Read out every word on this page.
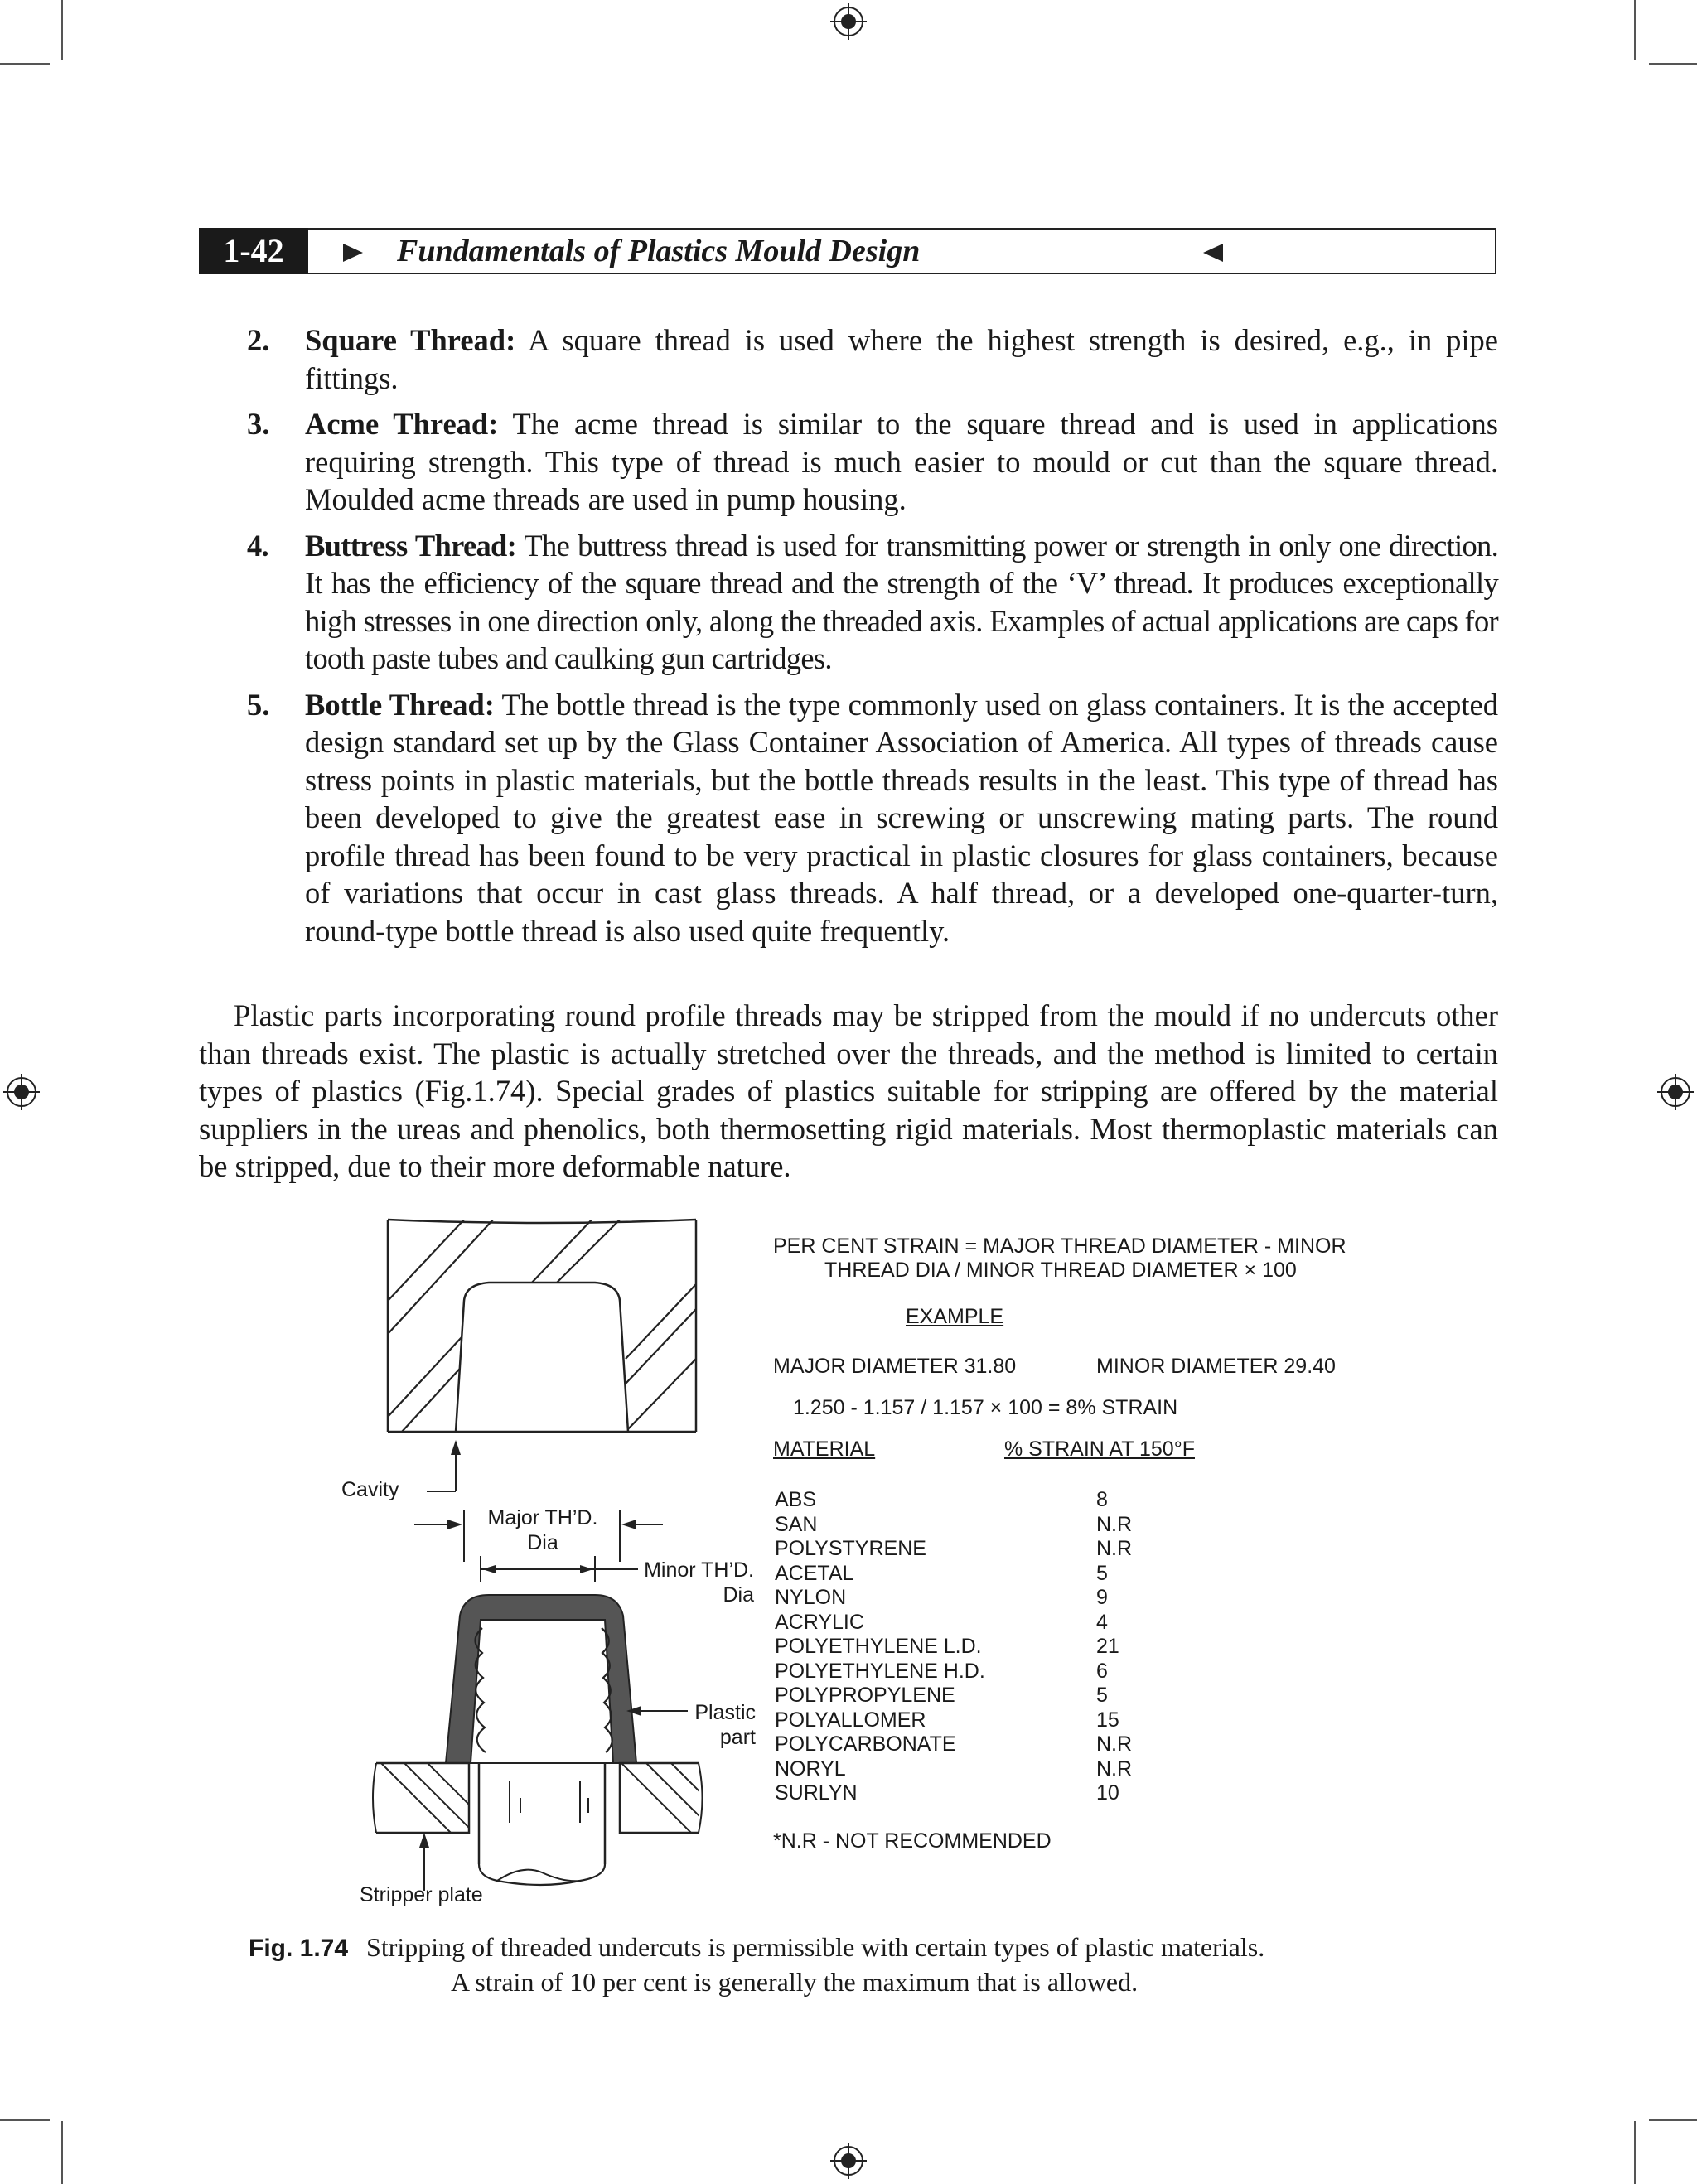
1-42	Fundamentals of Plastics Mould Design
2. Square Thread: A square thread is used where the highest strength is desired, e.g., in pipe fittings.
3. Acme Thread: The acme thread is similar to the square thread and is used in applications requiring strength. This type of thread is much easier to mould or cut than the square thread. Moulded acme threads are used in pump housing.
4. Buttress Thread: The buttress thread is used for transmitting power or strength in only one direction. It has the efficiency of the square thread and the strength of the ‘V’ thread. It produces exceptionally high stresses in one direction only, along the threaded axis. Examples of actual applications are caps for tooth paste tubes and caulking gun cartridges.
5. Bottle Thread: The bottle thread is the type commonly used on glass containers. It is the accepted design standard set up by the Glass Container Association of America. All types of threads cause stress points in plastic materials, but the bottle threads results in the least. This type of thread has been developed to give the greatest ease in screwing or unscrewing mating parts. The round profile thread has been found to be very practical in plastic closures for glass containers, because of variations that occur in cast glass threads. A half thread, or a developed one-quarter-turn, round-type bottle thread is also used quite frequently.
Plastic parts incorporating round profile threads may be stripped from the mould if no undercuts other than threads exist. The plastic is actually stretched over the threads, and the method is limited to certain types of plastics (Fig.1.74). Special grades of plastics suitable for stripping are offered by the material suppliers in the ureas and phenolics, both thermosetting rigid materials. Most thermoplastic materials can be stripped, due to their more deformable nature.
Cavity
Major TH’D.
Dia
Minor TH’D.
Dia
Plastic
part
Stripper plate
PER CENT STRAIN = MAJOR THREAD DIAMETER - MINOR
THREAD DIA / MINOR THREAD DIAMETER × 100
EXAMPLE
MAJOR DIAMETER 31.80	MINOR DIAMETER 29.40
1.250 - 1.157 / 1.157 × 100 = 8% STRAIN
MATERIAL	% STRAIN AT 150°F
ABS	8
SAN	N.R
POLYSTYRENE	N.R
ACETAL	5
NYLON	9
ACRYLIC	4
POLYETHYLENE L.D.	21
POLYETHYLENE H.D.	6
POLYPROPYLENE	5
POLYALLOMER	15
POLYCARBONATE	N.R
NORYL	N.R
SURLYN	10
*N.R - NOT RECOMMENDED
Fig. 1.74 Stripping of threaded undercuts is permissible with certain types of plastic materials.
A strain of 10 per cent is generally the maximum that is allowed.
